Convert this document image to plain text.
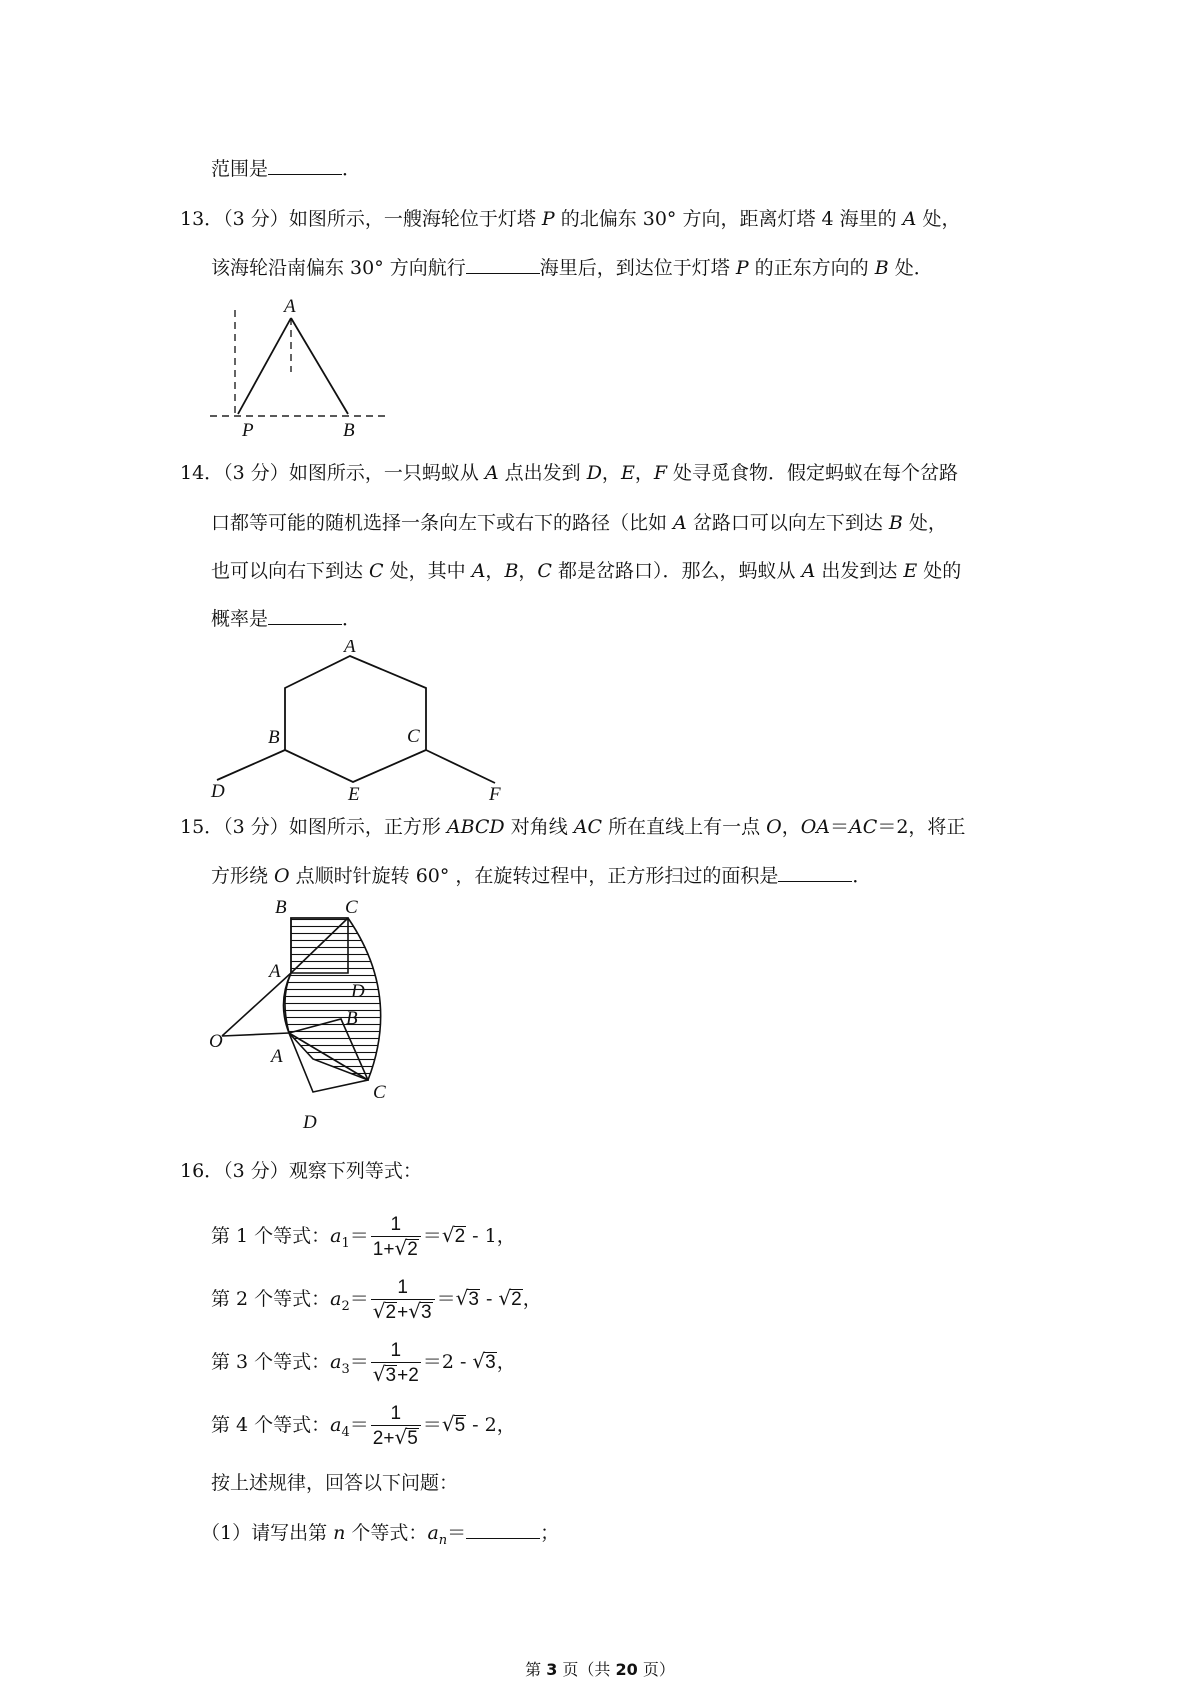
范围是	．
13．（3 分）如图所示，一艘海轮位于灯塔 P 的北偏东 30° 方向，距离灯塔 4 海里的 A 处，
该海轮沿南偏东 30° 方向航行	海里后，到达位于灯塔 P 的正东方向的 B 处．
A
P	B
14．（3 分）如图所示，一只蚂蚁从 A 点出发到 D，E，F 处寻觅食物．假定蚂蚁在每个岔路
口都等可能的随机选择一条向左下或右下的路径（比如 A 岔路口可以向左下到达 B 处，
也可以向右下到达 C 处，其中 A，B，C 都是岔路口）．那么，蚂蚁从 A 出发到达 E 处的
概率是	．
A
B	C
D	E	F
15．（3 分）如图所示，正方形 ABCD 对角线 AC 所在直线上有一点 O，OA＝AC＝2，将正
方形绕 O 点顺时针旋转 60° ，在旋转过程中，正方形扫过的面积是	．
B	C
A
D
O
B
A
C
D
16．（3 分）观察下列等式：
第 1 个等式：$a_1= \frac{1}{1+√2} =√2 - 1$，
第 2 个等式：$a_2= \frac{1}{√2+√3} =√3 - √2$，
第 3 个等式：$a_3= \frac{1}{√3+2} =2 - √3$，
第 4 个等式：$a_4= \frac{1}{2+√5} =√5 - 2$，
按上述规律，回答以下问题：
（1）请写出第 n 个等式：$a_n=$	；
第 3 页（共 20 页）
